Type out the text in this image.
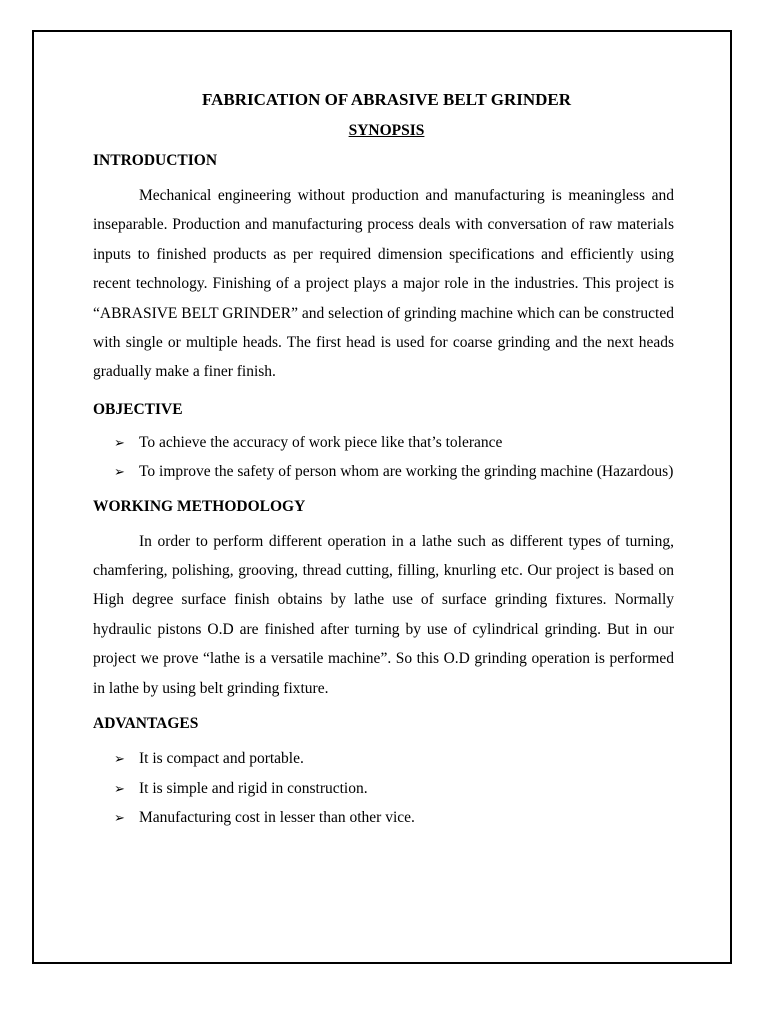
FABRICATION OF ABRASIVE BELT GRINDER
SYNOPSIS
INTRODUCTION

Mechanical engineering without production and manufacturing is meaningless and inseparable. Production and manufacturing process deals with conversation of raw materials inputs to finished products as per required dimension specifications and efficiently using recent technology. Finishing of a project plays a major role in the industries. This project is “ABRASIVE BELT GRINDER” and selection of grinding machine which can be constructed with single or multiple heads. The first head is used for coarse grinding and the next heads gradually make a finer finish.

OBJECTIVE
➢ To achieve the accuracy of work piece like that’s tolerance
➢ To improve the safety of person whom are working the grinding machine (Hazardous)
WORKING METHODOLOGY

In order to perform different operation in a lathe such as different types of turning, chamfering, polishing, grooving, thread cutting, filling, knurling etc. Our project is based on High degree surface finish obtains by lathe use of surface grinding fixtures. Normally hydraulic pistons O.D are finished after turning by use of cylindrical grinding. But in our project we prove “lathe is a versatile machine”. So this O.D grinding operation is performed in lathe by using belt grinding fixture.

ADVANTAGES
➢ It is compact and portable.
➢ It is simple and rigid in construction.
➢ Manufacturing cost in lesser than other vice.
